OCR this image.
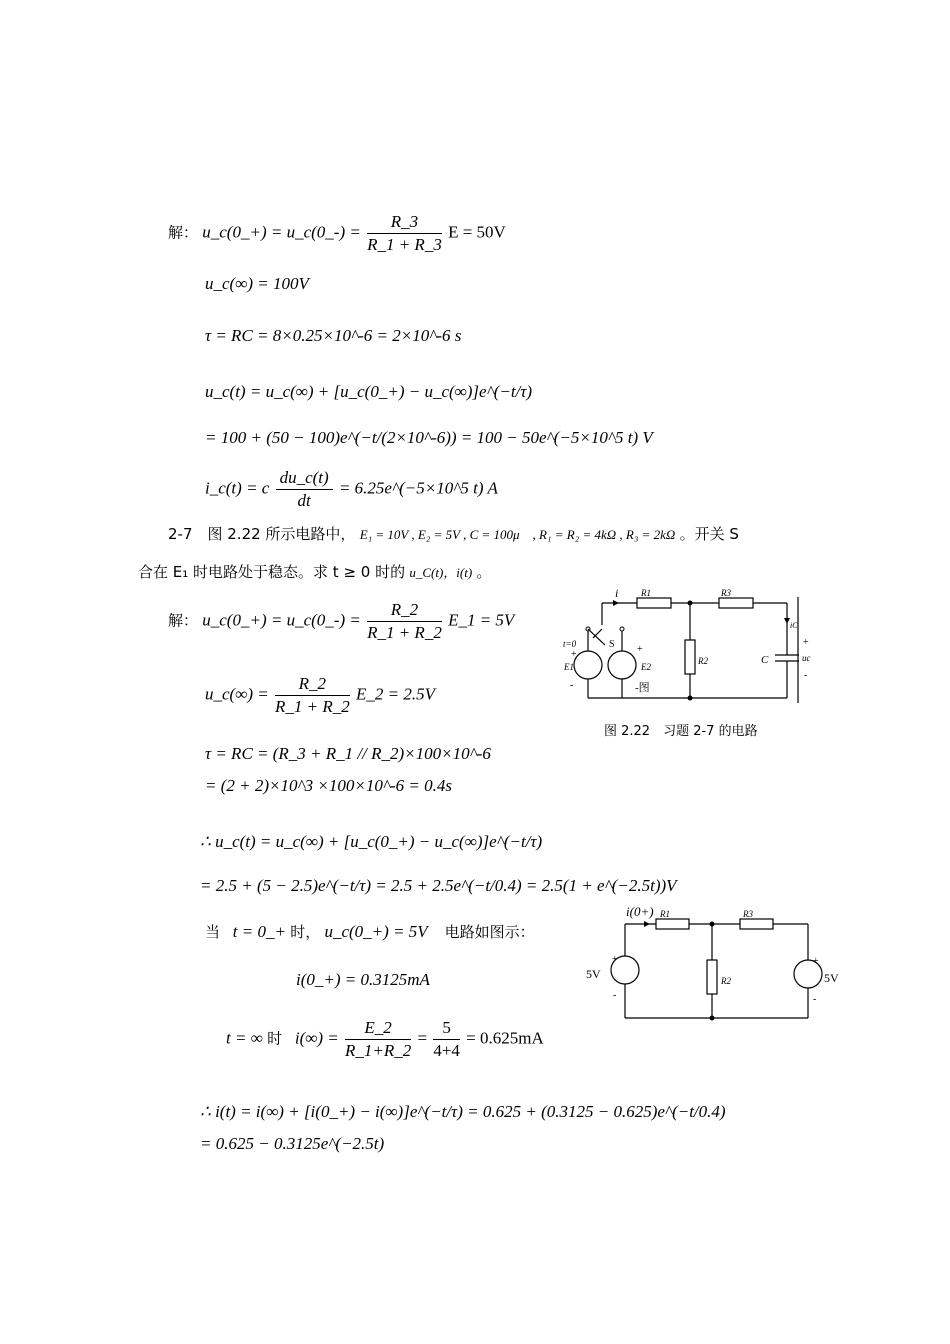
解： u_c(0_+) = u_c(0_-) = $\frac{R\_3}{R\_1 + R\_3}$ E = 50V
u_c(∞) = 100V
τ = RC = 8×0.25×10^-6 = 2×10^-6 s
u_c(t) = u_c(∞) + [u_c(0_+) − u_c(∞)]e^(−t/τ)
= 100 + (50 − 100)e^(−t/(2×10^-6)) = 100 − 50e^(−5×10^5 t) V
i_c(t) = c $\frac{du\_c(t)}{dt}$ = 6.25e^(−5×10^5 t) A
2-7　图 2.22 所示电路中， E₁ = 10V , E₂ = 5V , C = 100μ　, R₁ = R₂ = 4kΩ , R₃ = 2kΩ 。开关 S
合在 E₁ 时电路处于稳态。求 t ≥ 0 时的 u_C(t)，i(t) 。
解： u_c(0_+) = u_c(0_-) = $\frac{R\_2}{R\_1 + R\_2}$ E_1 = 5V
u_c(∞) = $\frac{R\_2}{R\_1 + R\_2}$ E_2 = 2.5V
τ = RC = (R_3 + R_1 // R_2)×100×10^-6
= (2 + 2)×10^3 ×100×10^-6 = 0.4s
∴ u_c(t) = u_c(∞) + [u_c(0_+) − u_c(∞)]e^(−t/τ)
= 2.5 + (5 − 2.5)e^(−t/τ) = 2.5 + 2.5e^(−t/0.4) = 2.5(1 + e^(−2.5t))V
当 t = 0_+ 时， u_c(0_+) = 5V 电路如图示：
i(0_+) = 0.3125mA
t = ∞ 时 $i(\infty) = \frac{E\_2}{R\_1+R\_2} = \frac{5}{4+4} = 0.625mA$
∴ i(t) = i(∞) + [i(0_+) − i(∞)]e^(−t/τ) = 0.625 + (0.3125 − 0.625)e^(−t/0.4)
= 0.625 − 0.3125e^(−2.5t)
i	R1	R3
R2	C
iC
+
uc
-
t=0	S
+
E1
-
+
E2
-图
图 2.22　习题 2-7 的电路
i(0+) R1	R3
R2
5V
+
-
5V
+
-
